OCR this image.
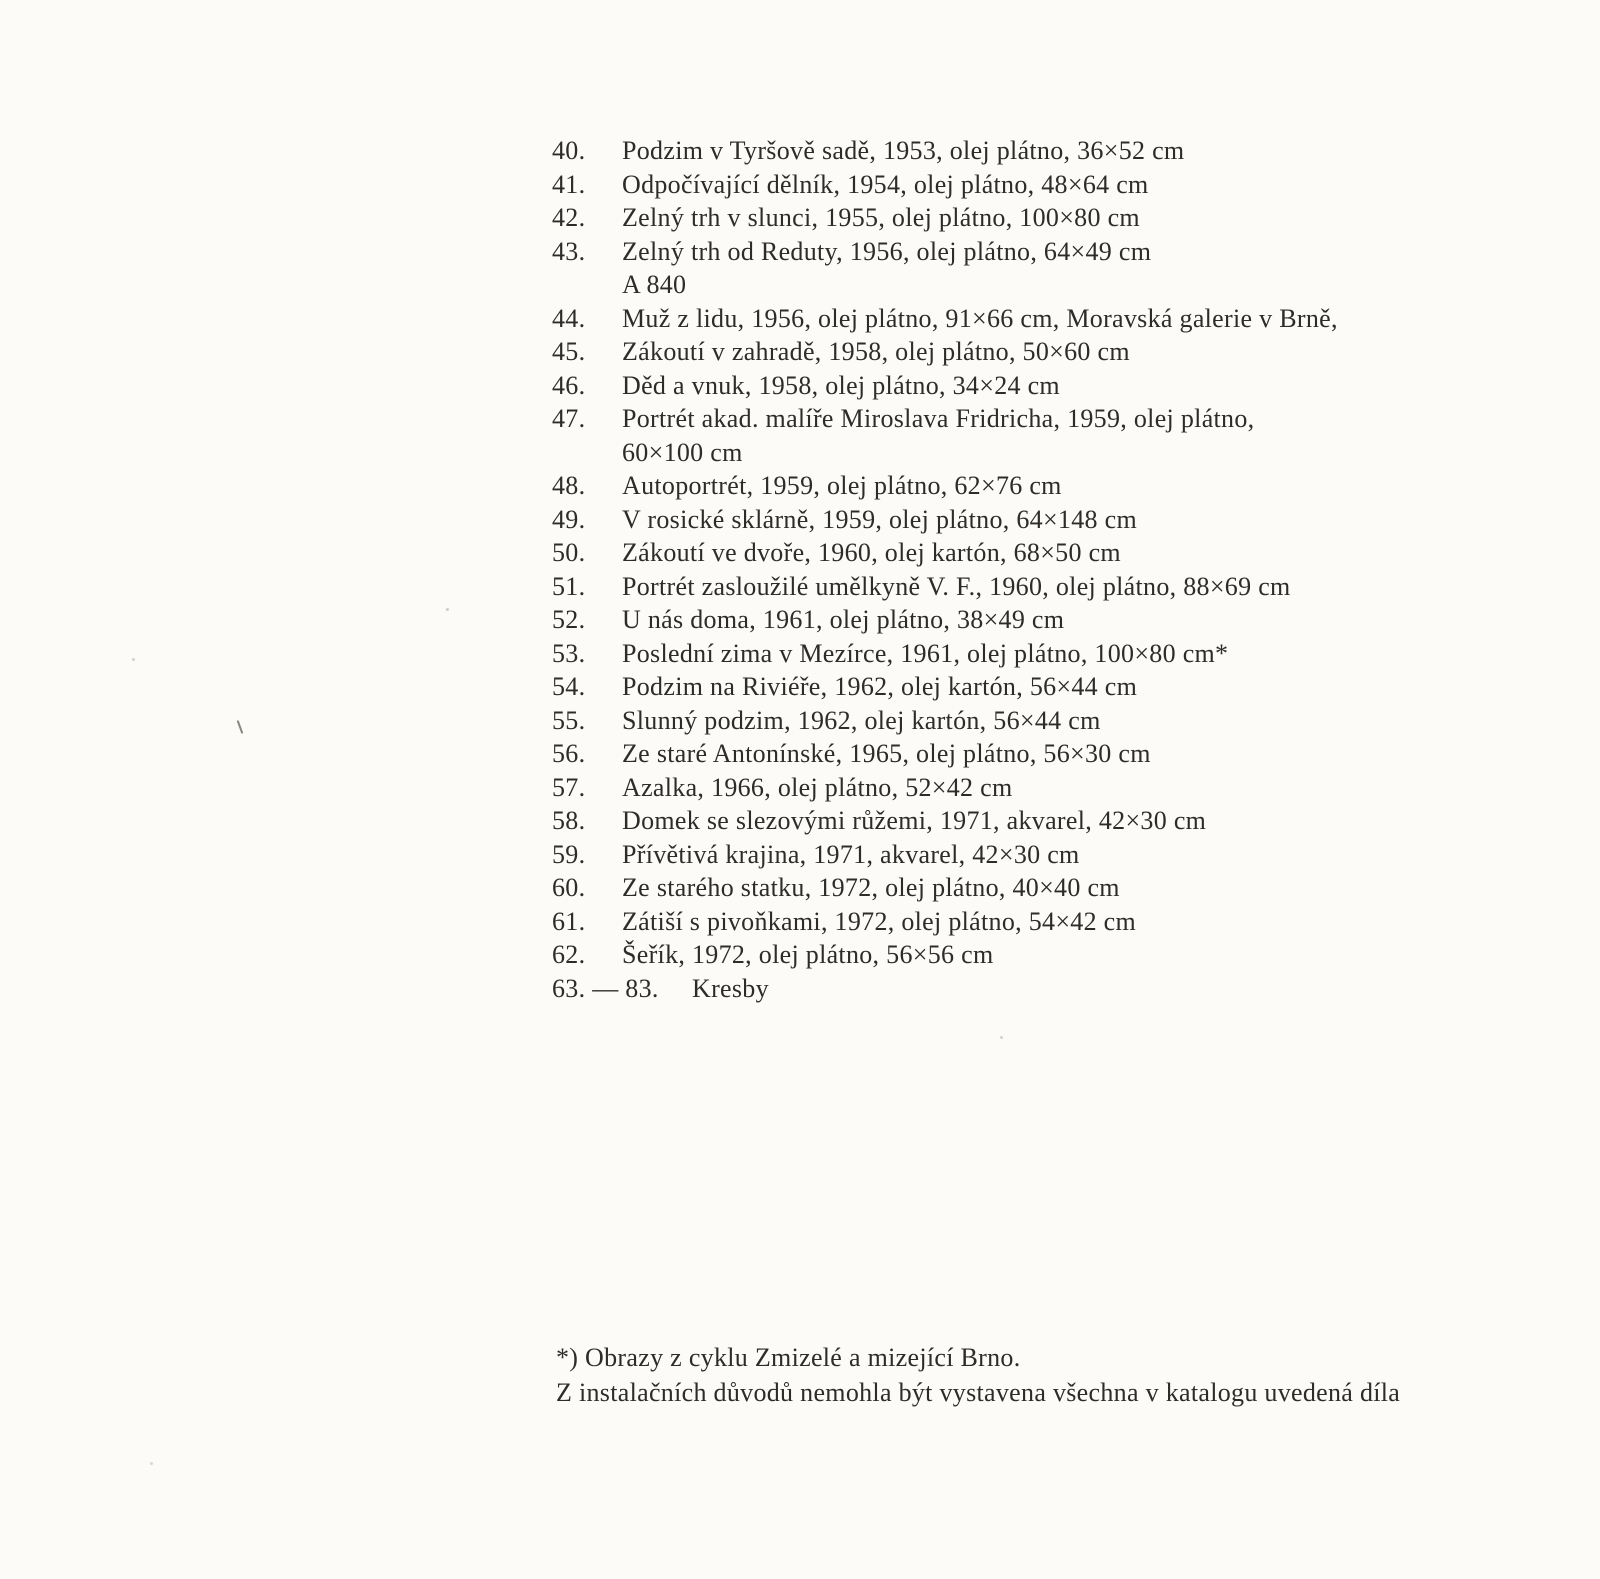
40.	Podzim v Tyršově sadě, 1953, olej plátno, 36×52 cm
41.	Odpočívající dělník, 1954, olej plátno, 48×64 cm
42.	Zelný trh v slunci, 1955, olej plátno, 100×80 cm
43.	Zelný trh od Reduty, 1956, olej plátno, 64×49 cm
A 840
44.	Muž z lidu, 1956, olej plátno, 91×66 cm, Moravská galerie v Brně,
45.	Zákoutí v zahradě, 1958, olej plátno, 50×60 cm
46.	Děd a vnuk, 1958, olej plátno, 34×24 cm
47.	Portrét akad. malíře Miroslava Fridricha, 1959, olej plátno,
60×100 cm
48.	Autoportrét, 1959, olej plátno, 62×76 cm
49.	V rosické sklárně, 1959, olej plátno, 64×148 cm
50.	Zákoutí ve dvoře, 1960, olej kartón, 68×50 cm
51.	Portrét zasloužilé umělkyně V. F., 1960, olej plátno, 88×69 cm
52.	U nás doma, 1961, olej plátno, 38×49 cm
53.	Poslední zima v Mezírce, 1961, olej plátno, 100×80 cm*
54.	Podzim na Riviéře, 1962, olej kartón, 56×44 cm
55.	Slunný podzim, 1962, olej kartón, 56×44 cm
56.	Ze staré Antonínské, 1965, olej plátno, 56×30 cm
57.	Azalka, 1966, olej plátno, 52×42 cm
58.	Domek se slezovými růžemi, 1971, akvarel, 42×30 cm
59.	Přívětivá krajina, 1971, akvarel, 42×30 cm
60.	Ze starého statku, 1972, olej plátno, 40×40 cm
61.	Zátiší s pivoňkami, 1972, olej plátno, 54×42 cm
62.	Šeřík, 1972, olej plátno, 56×56 cm
63. — 83.	Kresby

*) Obrazy z cyklu Zmizelé a mizející Brno.

Z instalačních důvodů nemohla být vystavena všechna v katalogu uvedená díla
